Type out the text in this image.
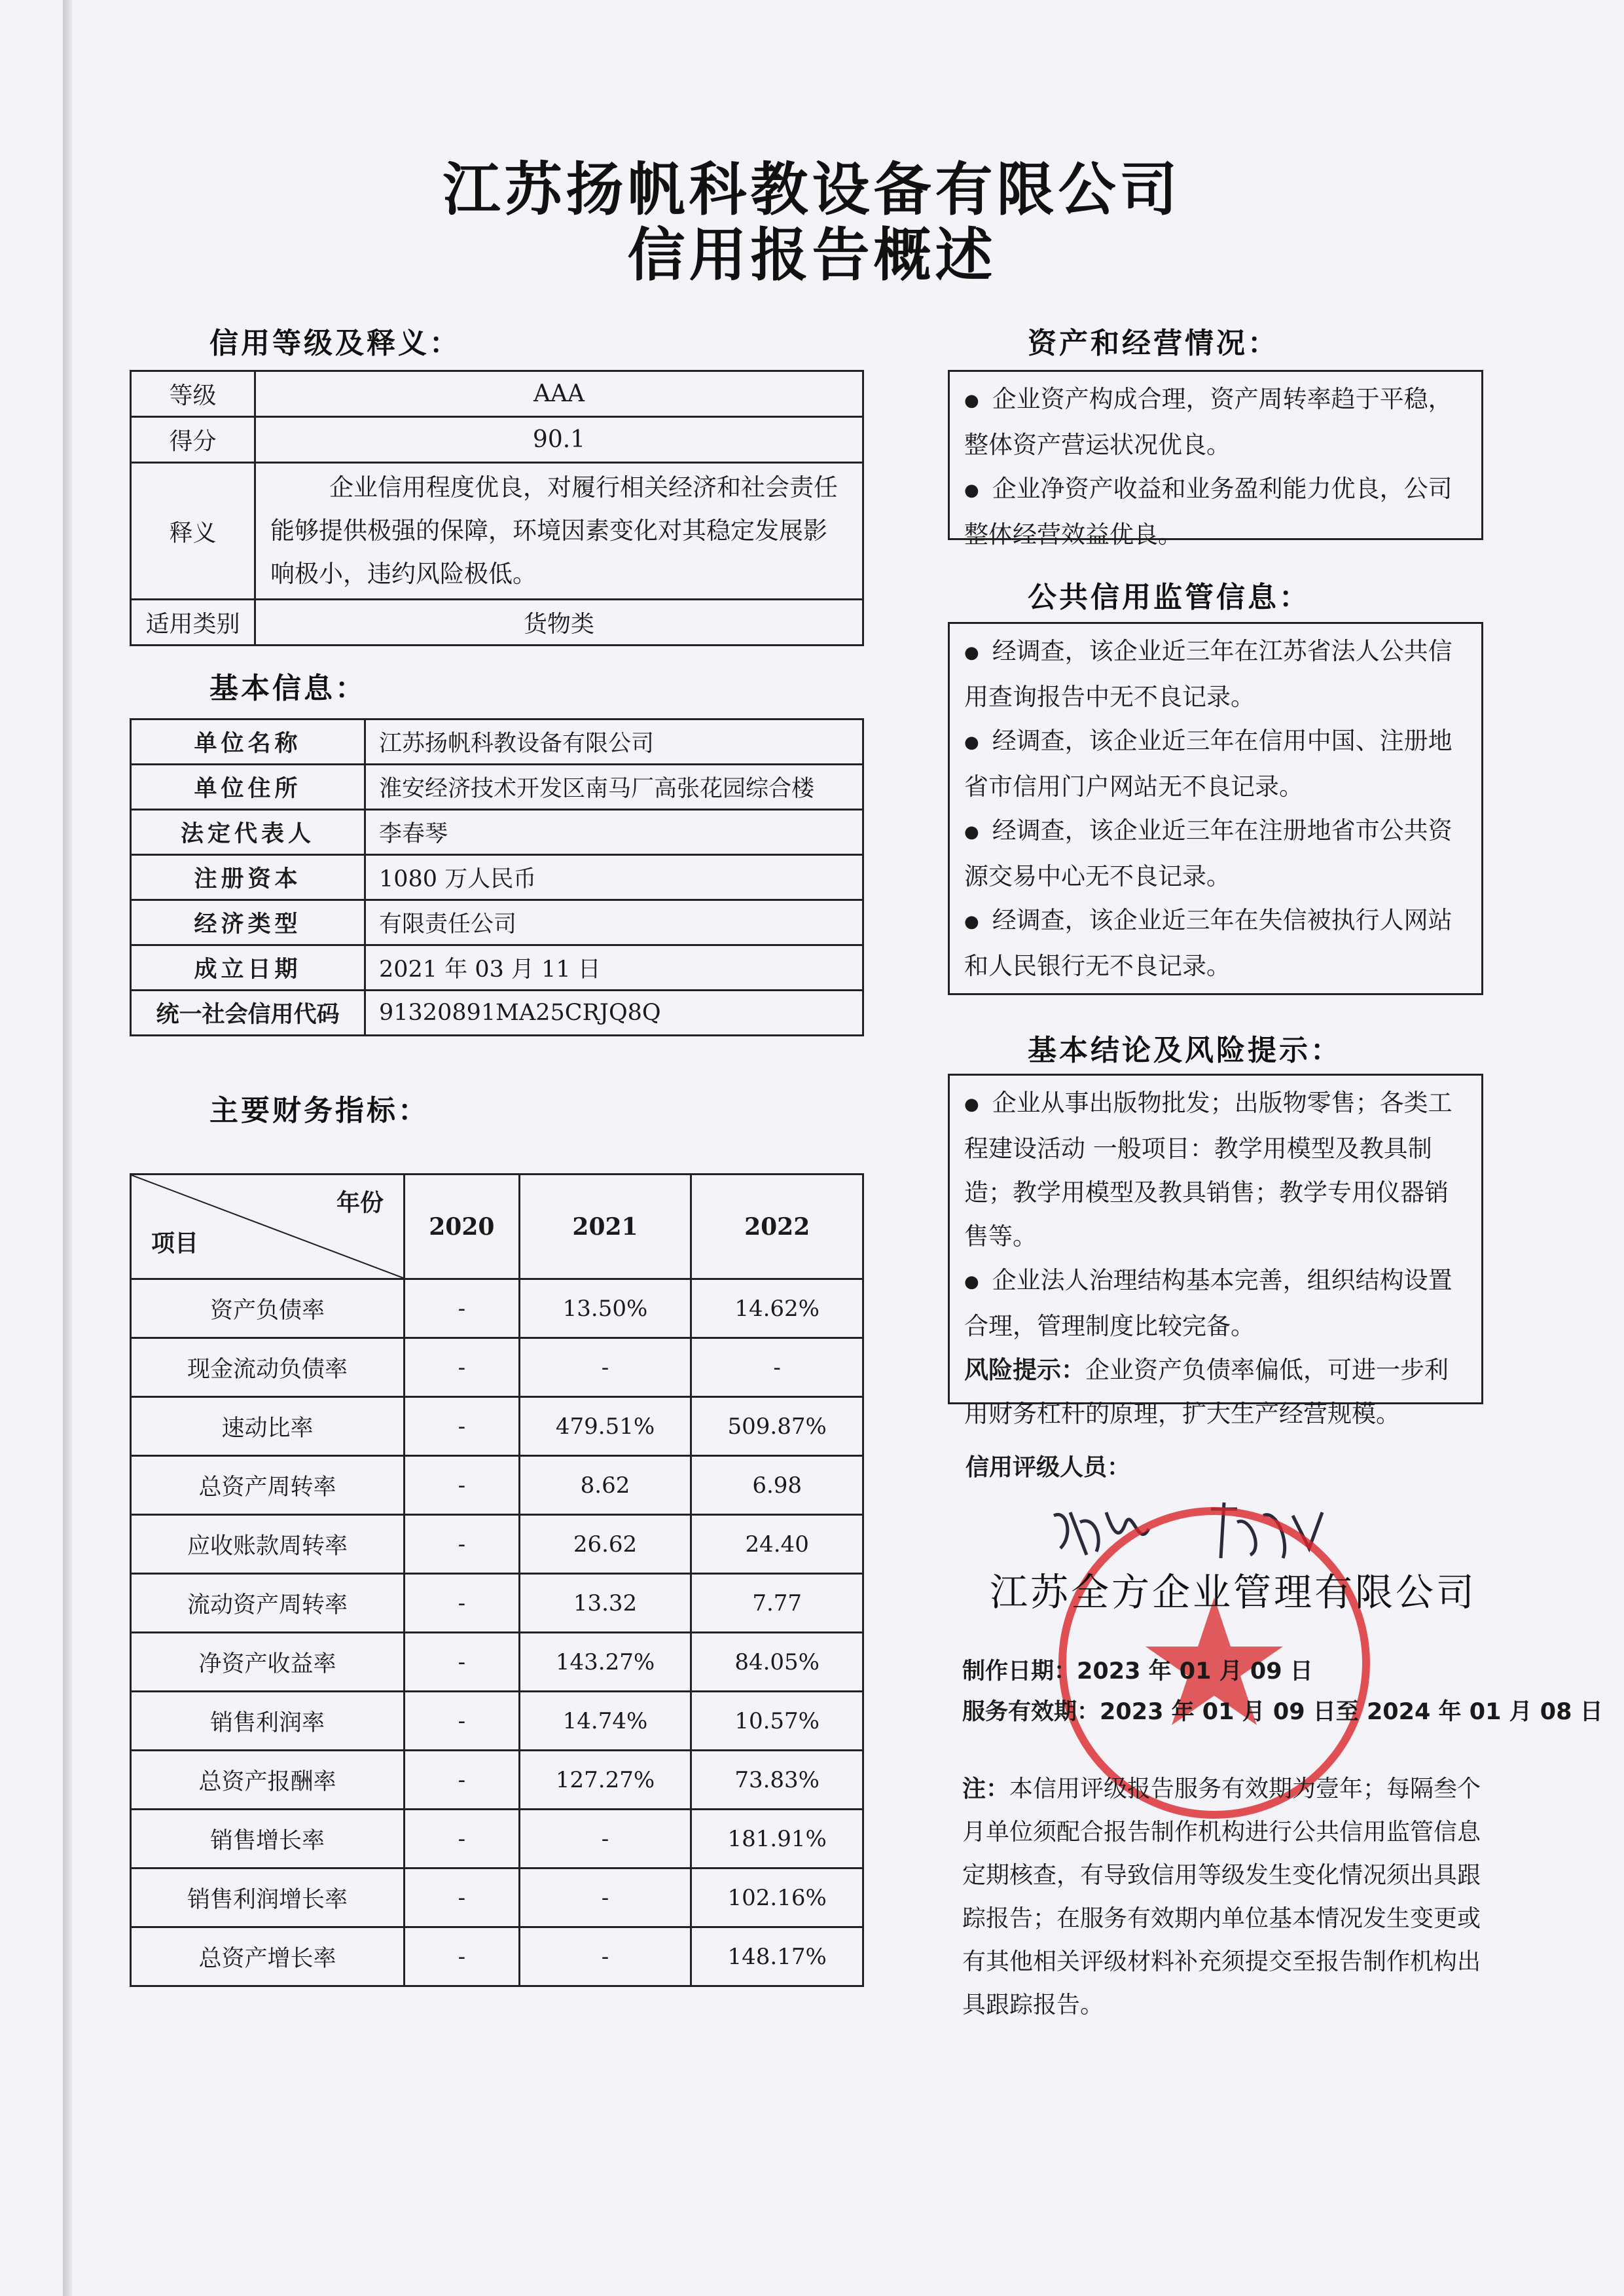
江苏扬帆科教设备有限公司
信用报告概述
信用等级及释义：
等级	AAA
得分	90.1
释义	企业信用程度优良，对履行相关经济和社会责任能够提供极强的保障，环境因素变化对其稳定发展影响极小，违约风险极低。
适用类别	货物类
基本信息：
单位名称	江苏扬帆科教设备有限公司
单位住所	淮安经济技术开发区南马厂高张花园综合楼
法定代表人	李春琴
注册资本	1080 万人民币
经济类型	有限责任公司
成立日期	2021 年 03 月 11 日
统一社会信用代码	91320891MA25CRJQ8Q
主要财务指标：
年份
项目	2020	2021	2022
资产负债率	-	13.50%	14.62%
现金流动负债率	-	-	-
速动比率	-	479.51%	509.87%
总资产周转率	-	8.62	6.98
应收账款周转率	-	26.62	24.40
流动资产周转率	-	13.32	7.77
净资产收益率	-	143.27%	84.05%
销售利润率	-	14.74%	10.57%
总资产报酬率	-	127.27%	73.83%
销售增长率	-	-	181.91%
销售利润增长率	-	-	102.16%
总资产增长率	-	-	148.17%
资产和经营情况：

● 企业资产构成合理，资产周转率趋于平稳，整体资产营运状况优良。

● 企业净资产收益和业务盈利能力优良，公司整体经营效益优良。

公共信用监管信息：

● 经调查，该企业近三年在江苏省法人公共信用查询报告中无不良记录。

● 经调查，该企业近三年在信用中国、注册地省市信用门户网站无不良记录。

● 经调查，该企业近三年在注册地省市公共资源交易中心无不良记录。

● 经调查，该企业近三年在失信被执行人网站和人民银行无不良记录。

基本结论及风险提示：

● 企业从事出版物批发；出版物零售；各类工程建设活动 一般项目：教学用模型及教具制造；教学用模型及教具销售；教学专用仪器销售等。

● 企业法人治理结构基本完善，组织结构设置合理，管理制度比较完备。

风险提示：企业资产负债率偏低，可进一步利用财务杠杆的原理，扩大生产经营规模。

信用评级人员：
江苏全方企业管理有限公司
制作日期：2023 年 01 月 09 日
服务有效期：2023 年 01 月 09 日至 2024 年 01 月 08 日
注：本信用评级报告服务有效期为壹年；每隔叁个月单位须配合报告制作机构进行公共信用监管信息定期核查，有导致信用等级发生变化情况须出具跟踪报告；在服务有效期内单位基本情况发生变更或有其他相关评级材料补充须提交至报告制作机构出具跟踪报告。
